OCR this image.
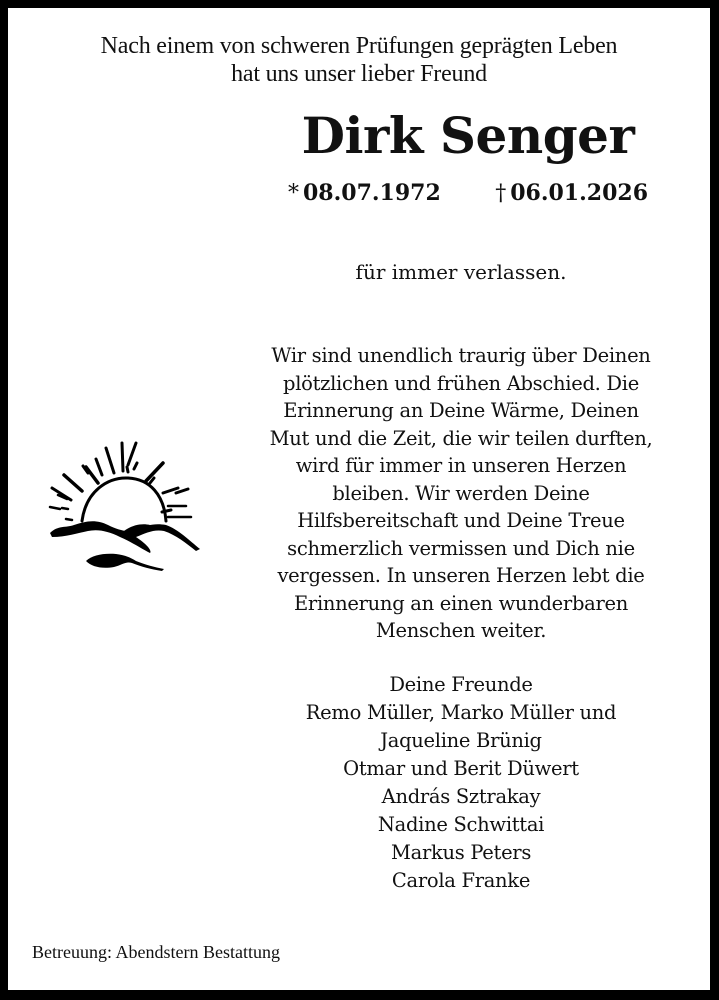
Nach einem von schweren Prüfungen geprägten Leben
hat uns unser lieber Freund
Dirk Senger
* 08.07.1972 † 06.01.2026
für immer verlassen.
Wir sind unendlich traurig über Deinen
plötzlichen und frühen Abschied. Die
Erinnerung an Deine Wärme, Deinen
Mut und die Zeit, die wir teilen durften,
wird für immer in unseren Herzen
bleiben. Wir werden Deine
Hilfsbereitschaft und Deine Treue
schmerzlich vermissen und Dich nie
vergessen. In unseren Herzen lebt die
Erinnerung an einen wunderbaren
Menschen weiter.
Deine Freunde
Remo Müller, Marko Müller und
Jaqueline Brünig
Otmar und Berit Düwert
András Sztrakay
Nadine Schwittai
Markus Peters
Carola Franke
Betreuung: Abendstern Bestattung
